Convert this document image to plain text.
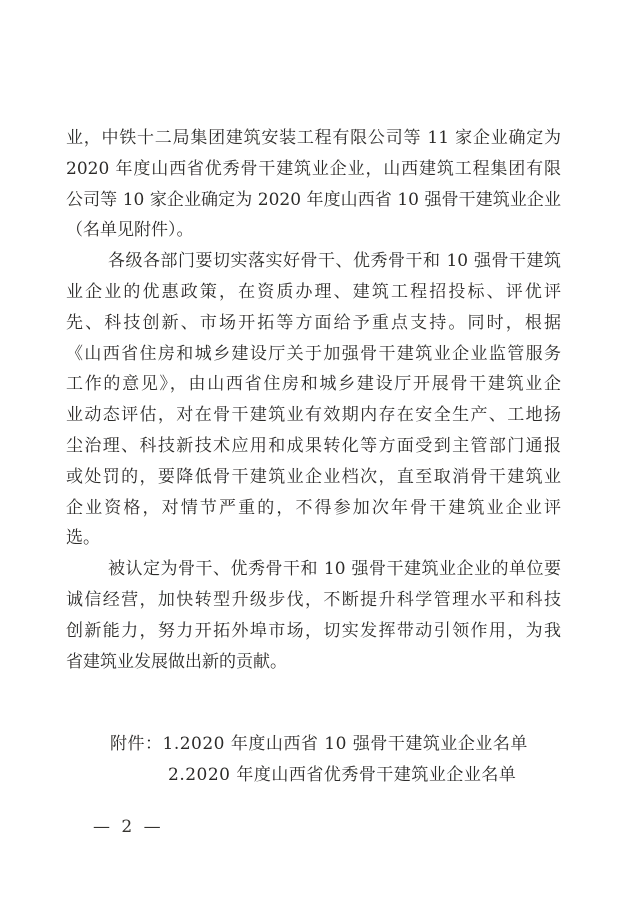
业，中铁十二局集团建筑安装工程有限公司等 11 家企业确定为
2020 年度山西省优秀骨干建筑业企业，山西建筑工程集团有限
公司等 10 家企业确定为 2020 年度山西省 10 强骨干建筑业企业
（名单见附件）。
各级各部门要切实落实好骨干、优秀骨干和 10 强骨干建筑
业企业的优惠政策，在资质办理、建筑工程招投标、评优评
先、科技创新、市场开拓等方面给予重点支持。同时，根据
《山西省住房和城乡建设厅关于加强骨干建筑业企业监管服务
工作的意见》，由山西省住房和城乡建设厅开展骨干建筑业企
业动态评估，对在骨干建筑业有效期内存在安全生产、工地扬
尘治理、科技新技术应用和成果转化等方面受到主管部门通报
或处罚的，要降低骨干建筑业企业档次，直至取消骨干建筑业
企业资格，对情节严重的，不得参加次年骨干建筑业企业评
选。
被认定为骨干、优秀骨干和 10 强骨干建筑业企业的单位要
诚信经营，加快转型升级步伐，不断提升科学管理水平和科技
创新能力，努力开拓外埠市场，切实发挥带动引领作用，为我
省建筑业发展做出新的贡献。
附件：1.2020 年度山西省 10 强骨干建筑业企业名单
2.2020 年度山西省优秀骨干建筑业企业名单
— 2 —
